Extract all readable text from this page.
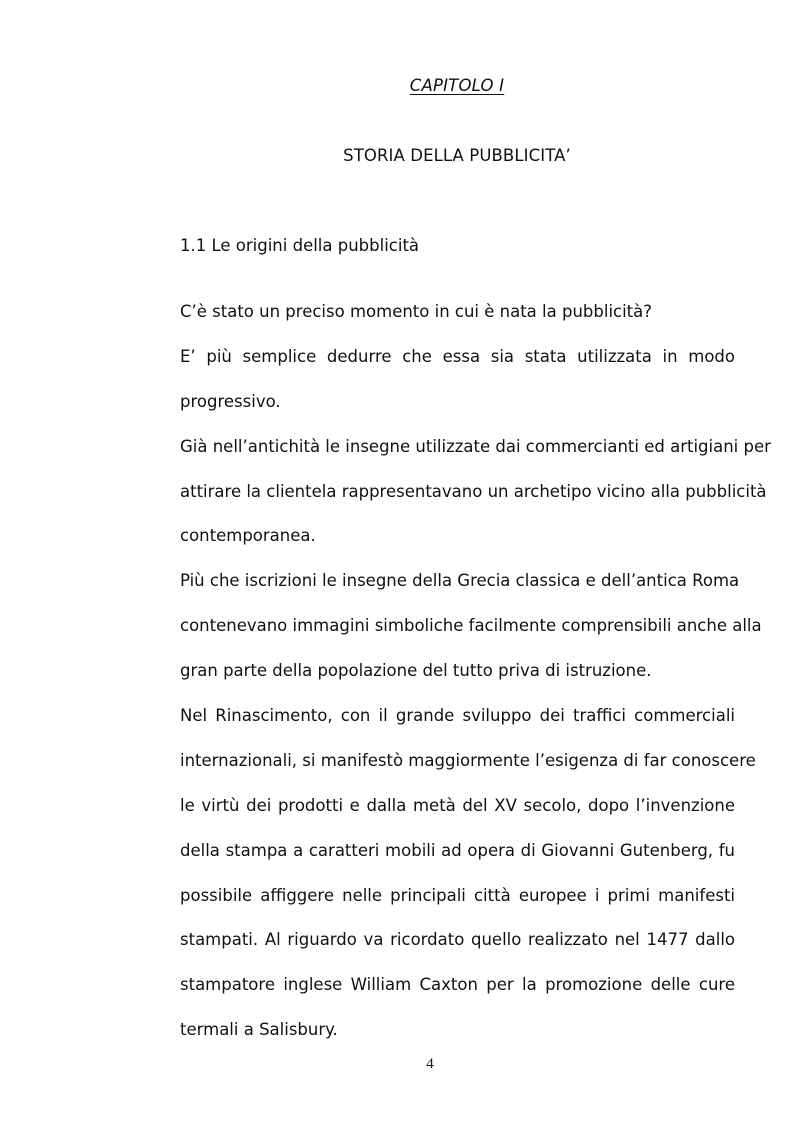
CAPITOLO I
STORIA DELLA PUBBLICITA’
1.1 Le origini della pubblicità
C’è stato un preciso momento in cui è nata la pubblicità?
E’ più semplice dedurre che essa sia stata utilizzata in modo
progressivo.
Già nell’antichità le insegne utilizzate dai commercianti ed artigiani per
attirare la clientela rappresentavano un archetipo vicino alla pubblicità
contemporanea.
Più che iscrizioni le insegne della Grecia classica e dell’antica Roma
contenevano immagini simboliche facilmente comprensibili anche alla
gran parte della popolazione del tutto priva di istruzione.
Nel Rinascimento, con il grande sviluppo dei traffici commerciali
internazionali, si manifestò maggiormente l’esigenza di far conoscere
le virtù dei prodotti e dalla metà del XV secolo, dopo l’invenzione
della stampa a caratteri mobili ad opera di Giovanni Gutenberg, fu
possibile affiggere nelle principali città europee i primi manifesti
stampati. Al riguardo va ricordato quello realizzato nel 1477 dallo
stampatore inglese William Caxton per la promozione delle cure
termali a Salisbury.
4
